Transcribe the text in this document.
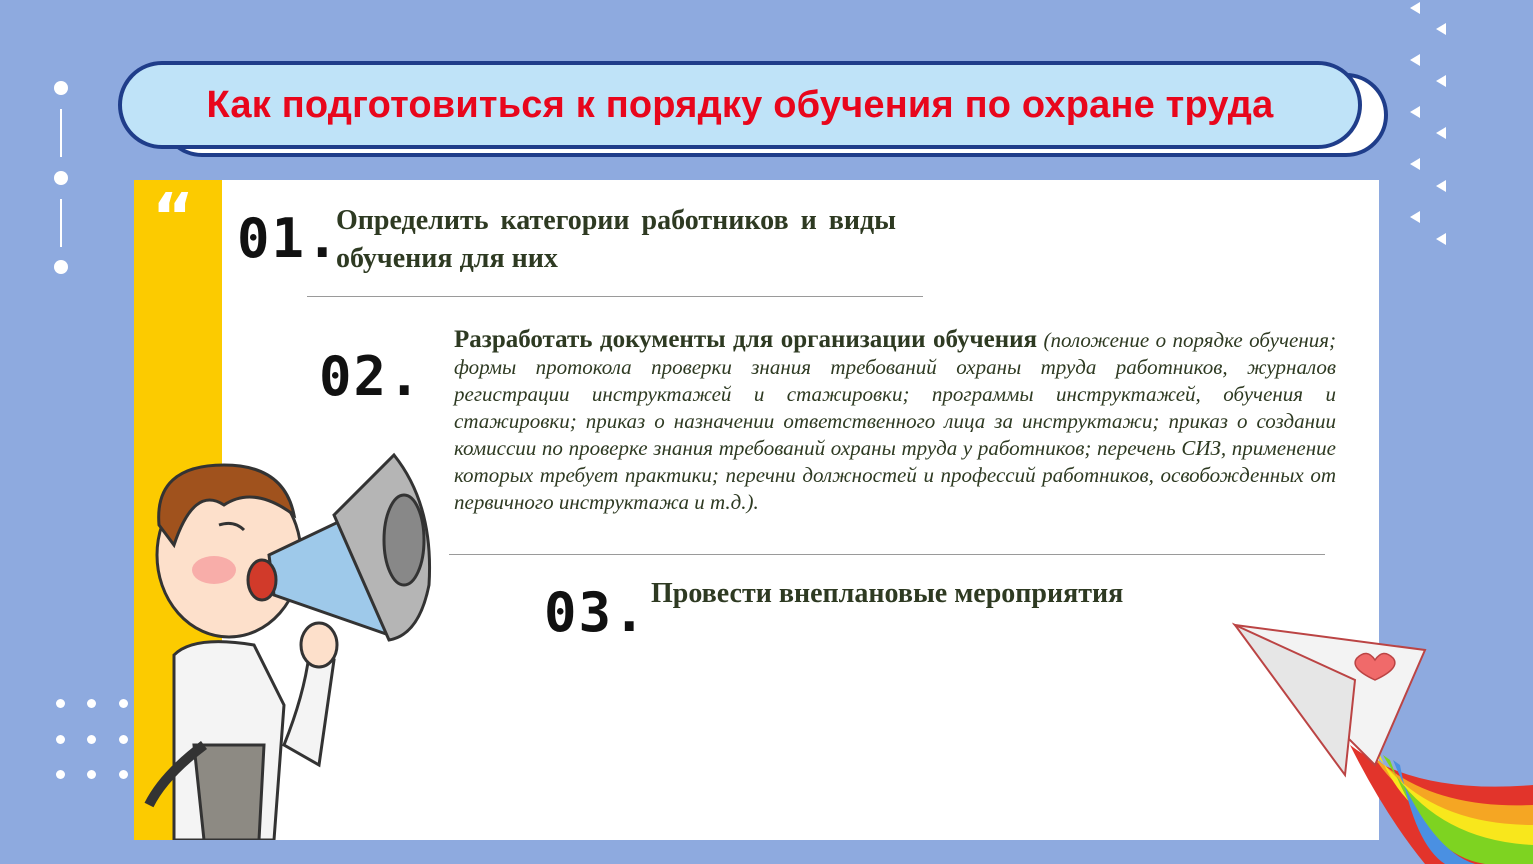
Как подготовиться к порядку обучения по охране труда
“ 01.
Определить категории работников и виды обучения для них
02.
Разработать документы для организации обучения (положение о порядке обучения; формы протокола проверки знания требований охраны труда работников, журналов регистрации инструктажей и стажировки; программы инструктажей, обучения и стажировки; приказ о назначении ответственного лица за инструктажи; приказ о создании комиссии по проверке знания требований охраны труда у работников; перечень СИЗ, применение которых требует практики; перечни должностей и профессий работников, освобожденных от первичного инструктажа и т.д.).
03. Провести внеплановые мероприятия
